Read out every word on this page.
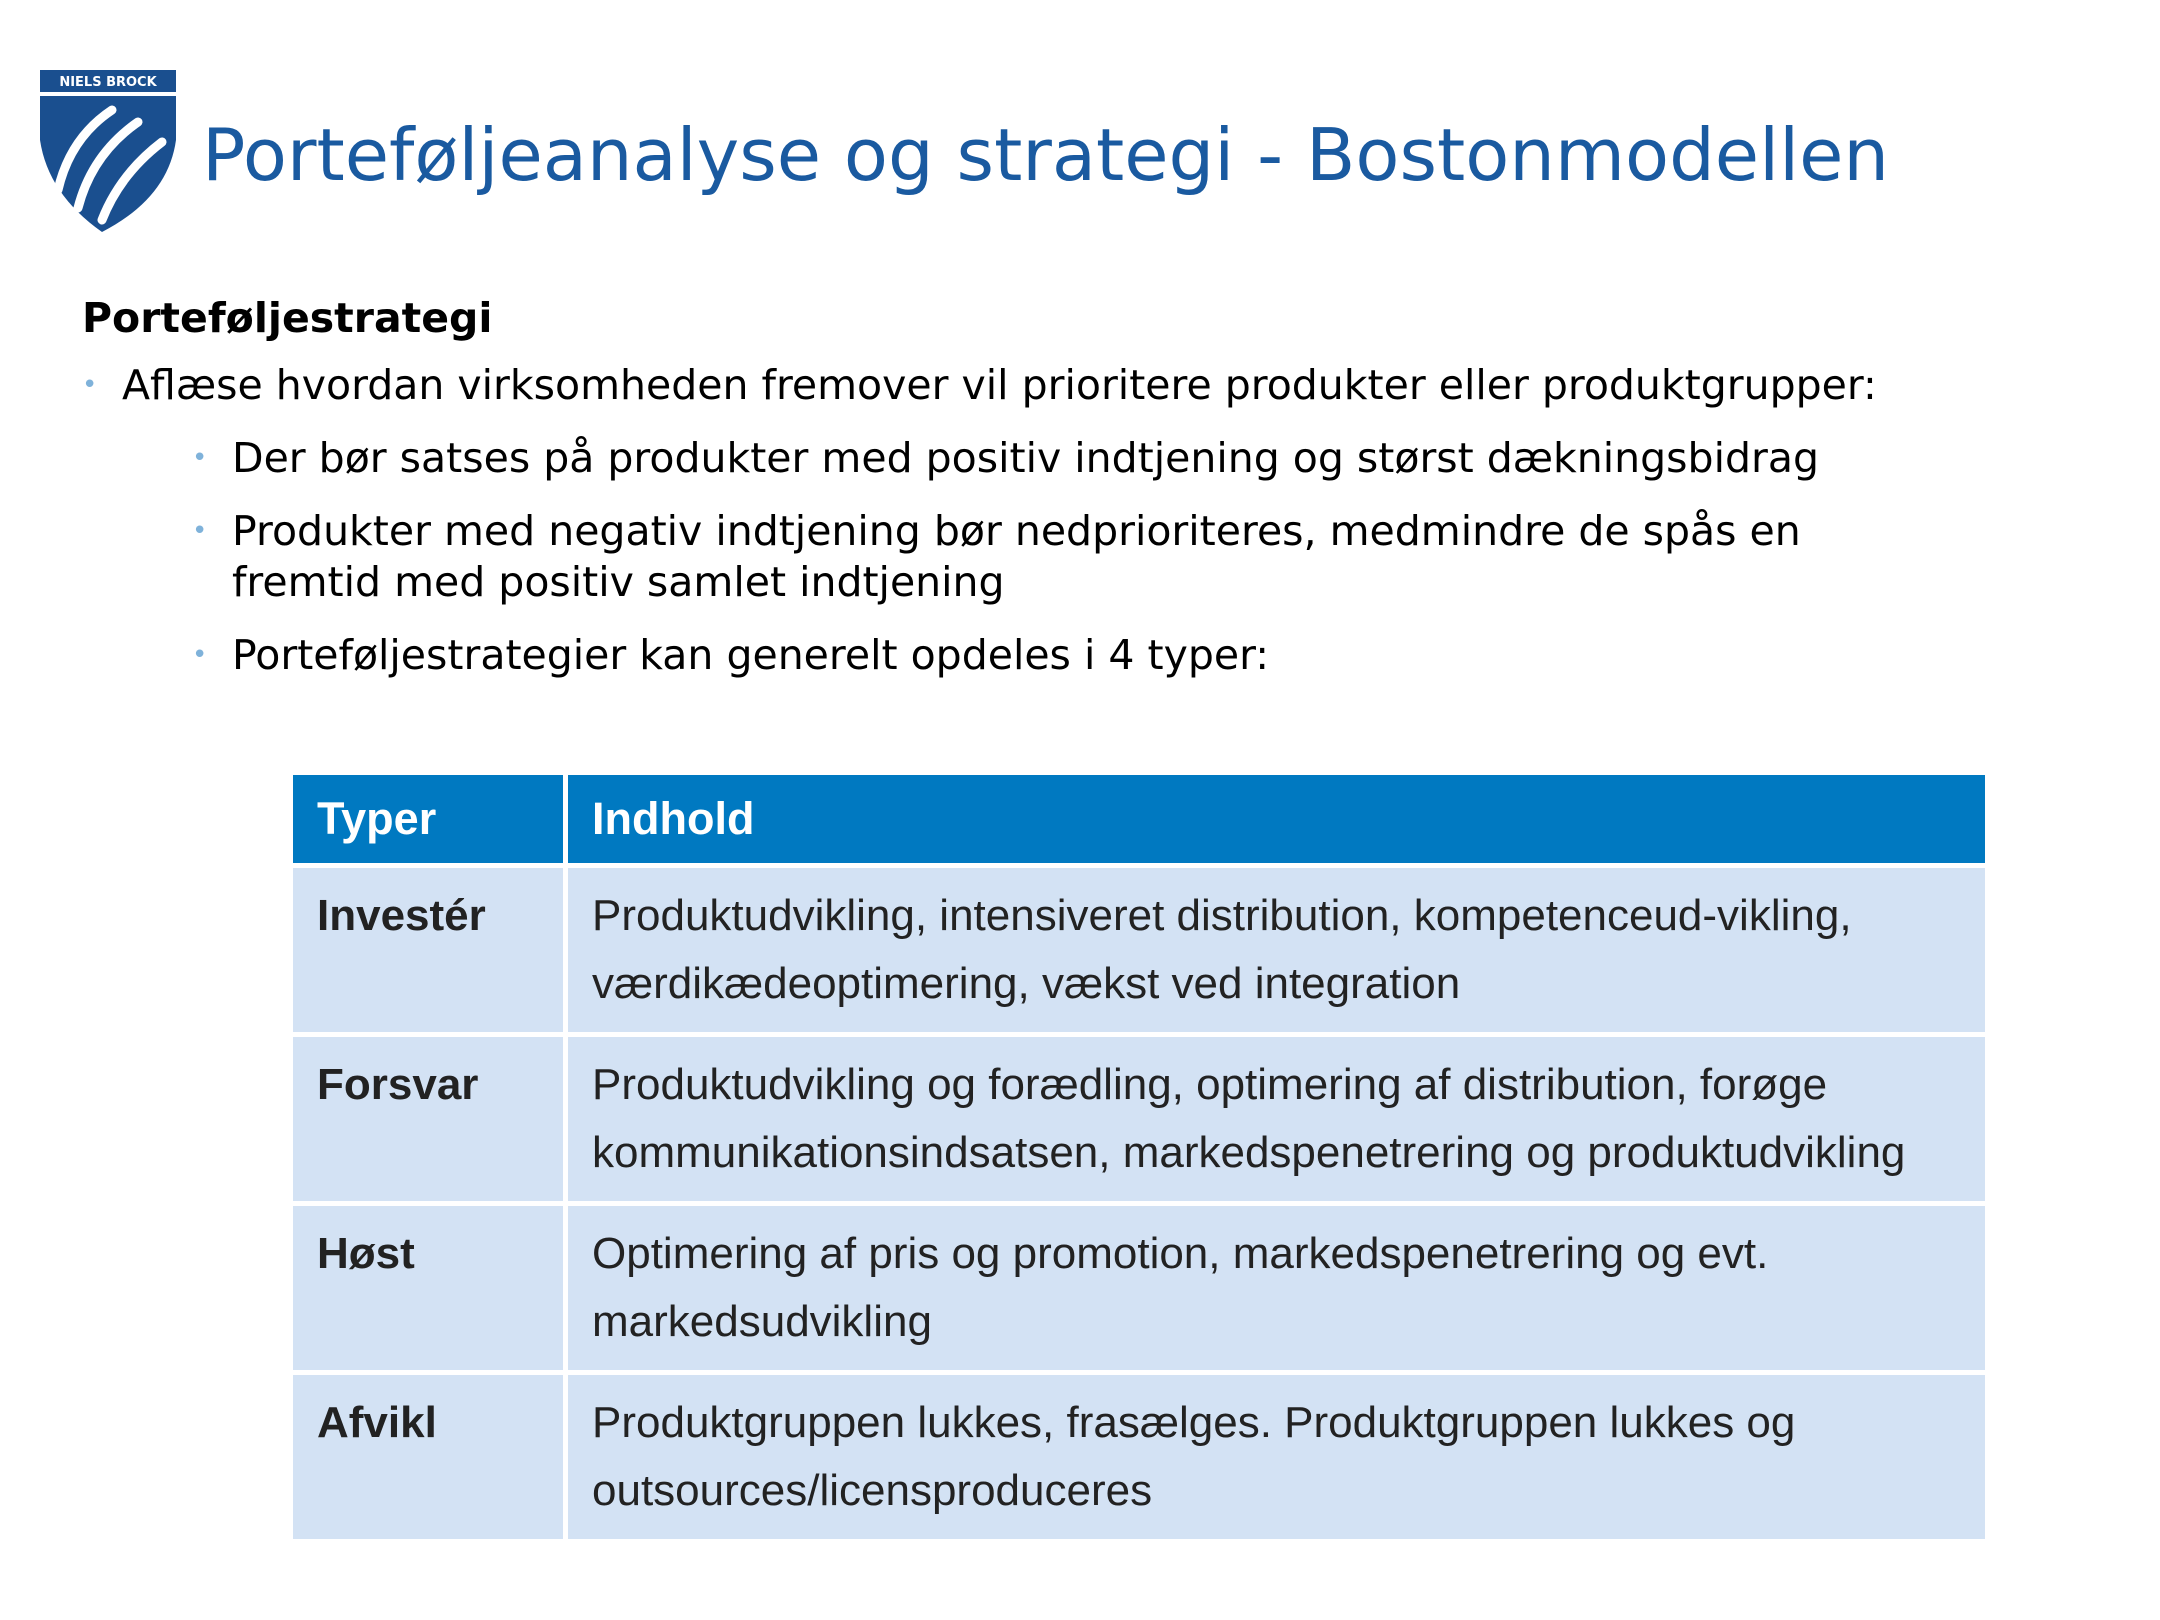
NIELS BROCK
Porteføljeanalyse og strategi - Bostonmodellen
Porteføljestrategi
• Aflæse hvordan virksomheden fremover vil prioritere produkter eller produktgrupper:
• Der bør satses på produkter med positiv indtjening og størst dækningsbidrag
• Produkter med negativ indtjening bør nedprioriteres, medmindre de spås en fremtid med positiv samlet indtjening
• Porteføljestrategier kan generelt opdeles i 4 typer:
Typer	Indhold
Investér	Produktudvikling, intensiveret distribution, kompetenceud-vikling, værdikædeoptimering, vækst ved integration
Forsvar	Produktudvikling og forædling, optimering af distribution, forøge kommunikationsindsatsen, markedspenetrering og produktudvikling
Høst	Optimering af pris og promotion, markedspenetrering og evt. markedsudvikling
Afvikl	Produktgruppen lukkes, frasælges. Produktgruppen lukkes og outsources/licensproduceres
